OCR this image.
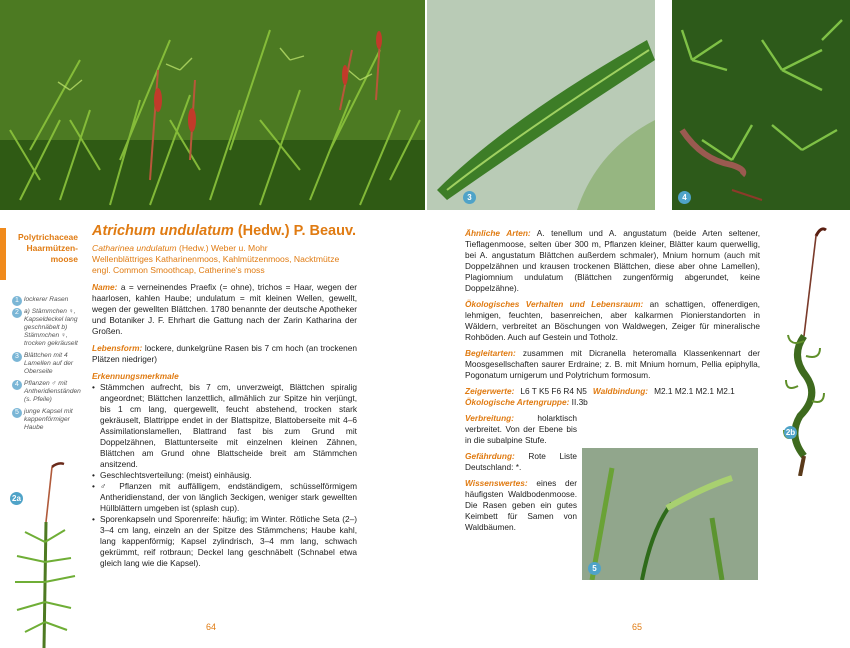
3	4
Polytrichaceae
Haarmützen-moose
1 lockerer Rasen
2 a) Stämmchen ♀, Kapseldeckel lang geschnäbelt b) Stämmchen ♀, trocken gekräuselt
3 Blättchen mit 4 Lamellen auf der Oberseite
4 Pflanzen ♂ mit Antheridienständen (s. Pfeile)
5 junge Kapsel mit kappenförmiger Haube
2a
Atrichum undulatum (Hedw.) P. Beauv.
Catharinea undulatum (Hedw.) Weber u. Mohr
Wellenblättriges Katharinenmoos, Kahlmützenmoos, Nacktmütze
engl. Common Smoothcap, Catherine's moss

Name: a = verneinendes Praefix (= ohne), trichos = Haar, wegen der haarlosen, kahlen Haube; undulatum = mit kleinen Wellen, gewellt, wegen der gewellten Blättchen. 1780 benannte der deutsche Apotheker und Botaniker J. F. Ehrhart die Gattung nach der Zarin Katharina der Großen.

Lebensform: lockere, dunkelgrüne Rasen bis 7 cm hoch (an trockenen Plätzen niedriger)

Erkennungsmerkmale
• Stämmchen aufrecht, bis 7 cm, unverzweigt, Blättchen spiralig angeordnet; Blättchen lanzettlich, allmählich zur Spitze hin verjüngt, bis 1 cm lang, quergewellt, feucht abstehend, trocken stark gekräuselt, Blattrippe endet in der Blattspitze, Blattoberseite mit 4–6 Assimilationslamellen, Blattrand fast bis zum Grund mit Doppelzähnen, Blattunterseite mit einzelnen kleinen Zähnen, Blättchen am Grund ohne Blattscheide breit am Stämmchen ansitzend.
• Geschlechtsverteilung: (meist) einhäusig.
• ♂ Pflanzen mit auffälligem, endständigem, schüsselförmigem Antheridienstand, der von länglich 3eckigen, weniger stark gewellten Hüllblättern umgeben ist (splash cup).
• Sporenkapseln und Sporenreife: häufig; im Winter. Rötliche Seta (2–) 3–4 cm lang, einzeln an der Spitze des Stämmchens; Haube kahl, lang kappenförmig; Kapsel zylindrisch, 3–4 mm lang, schwach gekrümmt, reif rotbraun; Deckel lang geschnäbelt (Schnabel etwa gleich lang wie die Kapsel).

Ähnliche Arten: A. tenellum und A. angustatum (beide Arten seltener, Tieflagenmoose, selten über 300 m, Pflanzen kleiner, Blätter kaum querwellig, bei A. angustatum Blättchen außerdem schmaler), Mnium hornum (auch mit Doppelzähnen und krausen trockenen Blättchen, diese aber ohne Lamellen), Plagiomnium undulatum (Blättchen zungenförmig abgerundet, keine Doppelzähne).

Ökologisches Verhalten und Lebensraum: an schattigen, offenerdigen, lehmigen, feuchten, basenreichen, aber kalkarmen Pionierstandorten in Wäldern, verbreitet an Böschungen von Waldwegen, Zeiger für mineralische Rohböden. Auch auf Gestein und Totholz.

Begleitarten: zusammen mit Dicranella heteromalla Klassenkennart der Moosgesellschaften saurer Erdraine; z. B. mit Mnium hornum, Pellia epiphylla, Pogonatum urnigerum und Polytrichum formosum.

Zeigerwerte: L6 T K5 F6 R4 N5 Waldbindung: M2.1 M2.1 M2.1 M2.1

Ökologische Artengruppe: II.3b

Verbreitung:	holarktisch verbreitet. Von der Ebene bis in die subalpine Stufe.

Gefährdung: Rote Liste Deutschland: *.

Wissenswertes: eines der häufigsten Waldbodenmoose. Die Rasen geben ein gutes Keimbett für Samen von Waldbäumen.

5
2b
64	65
